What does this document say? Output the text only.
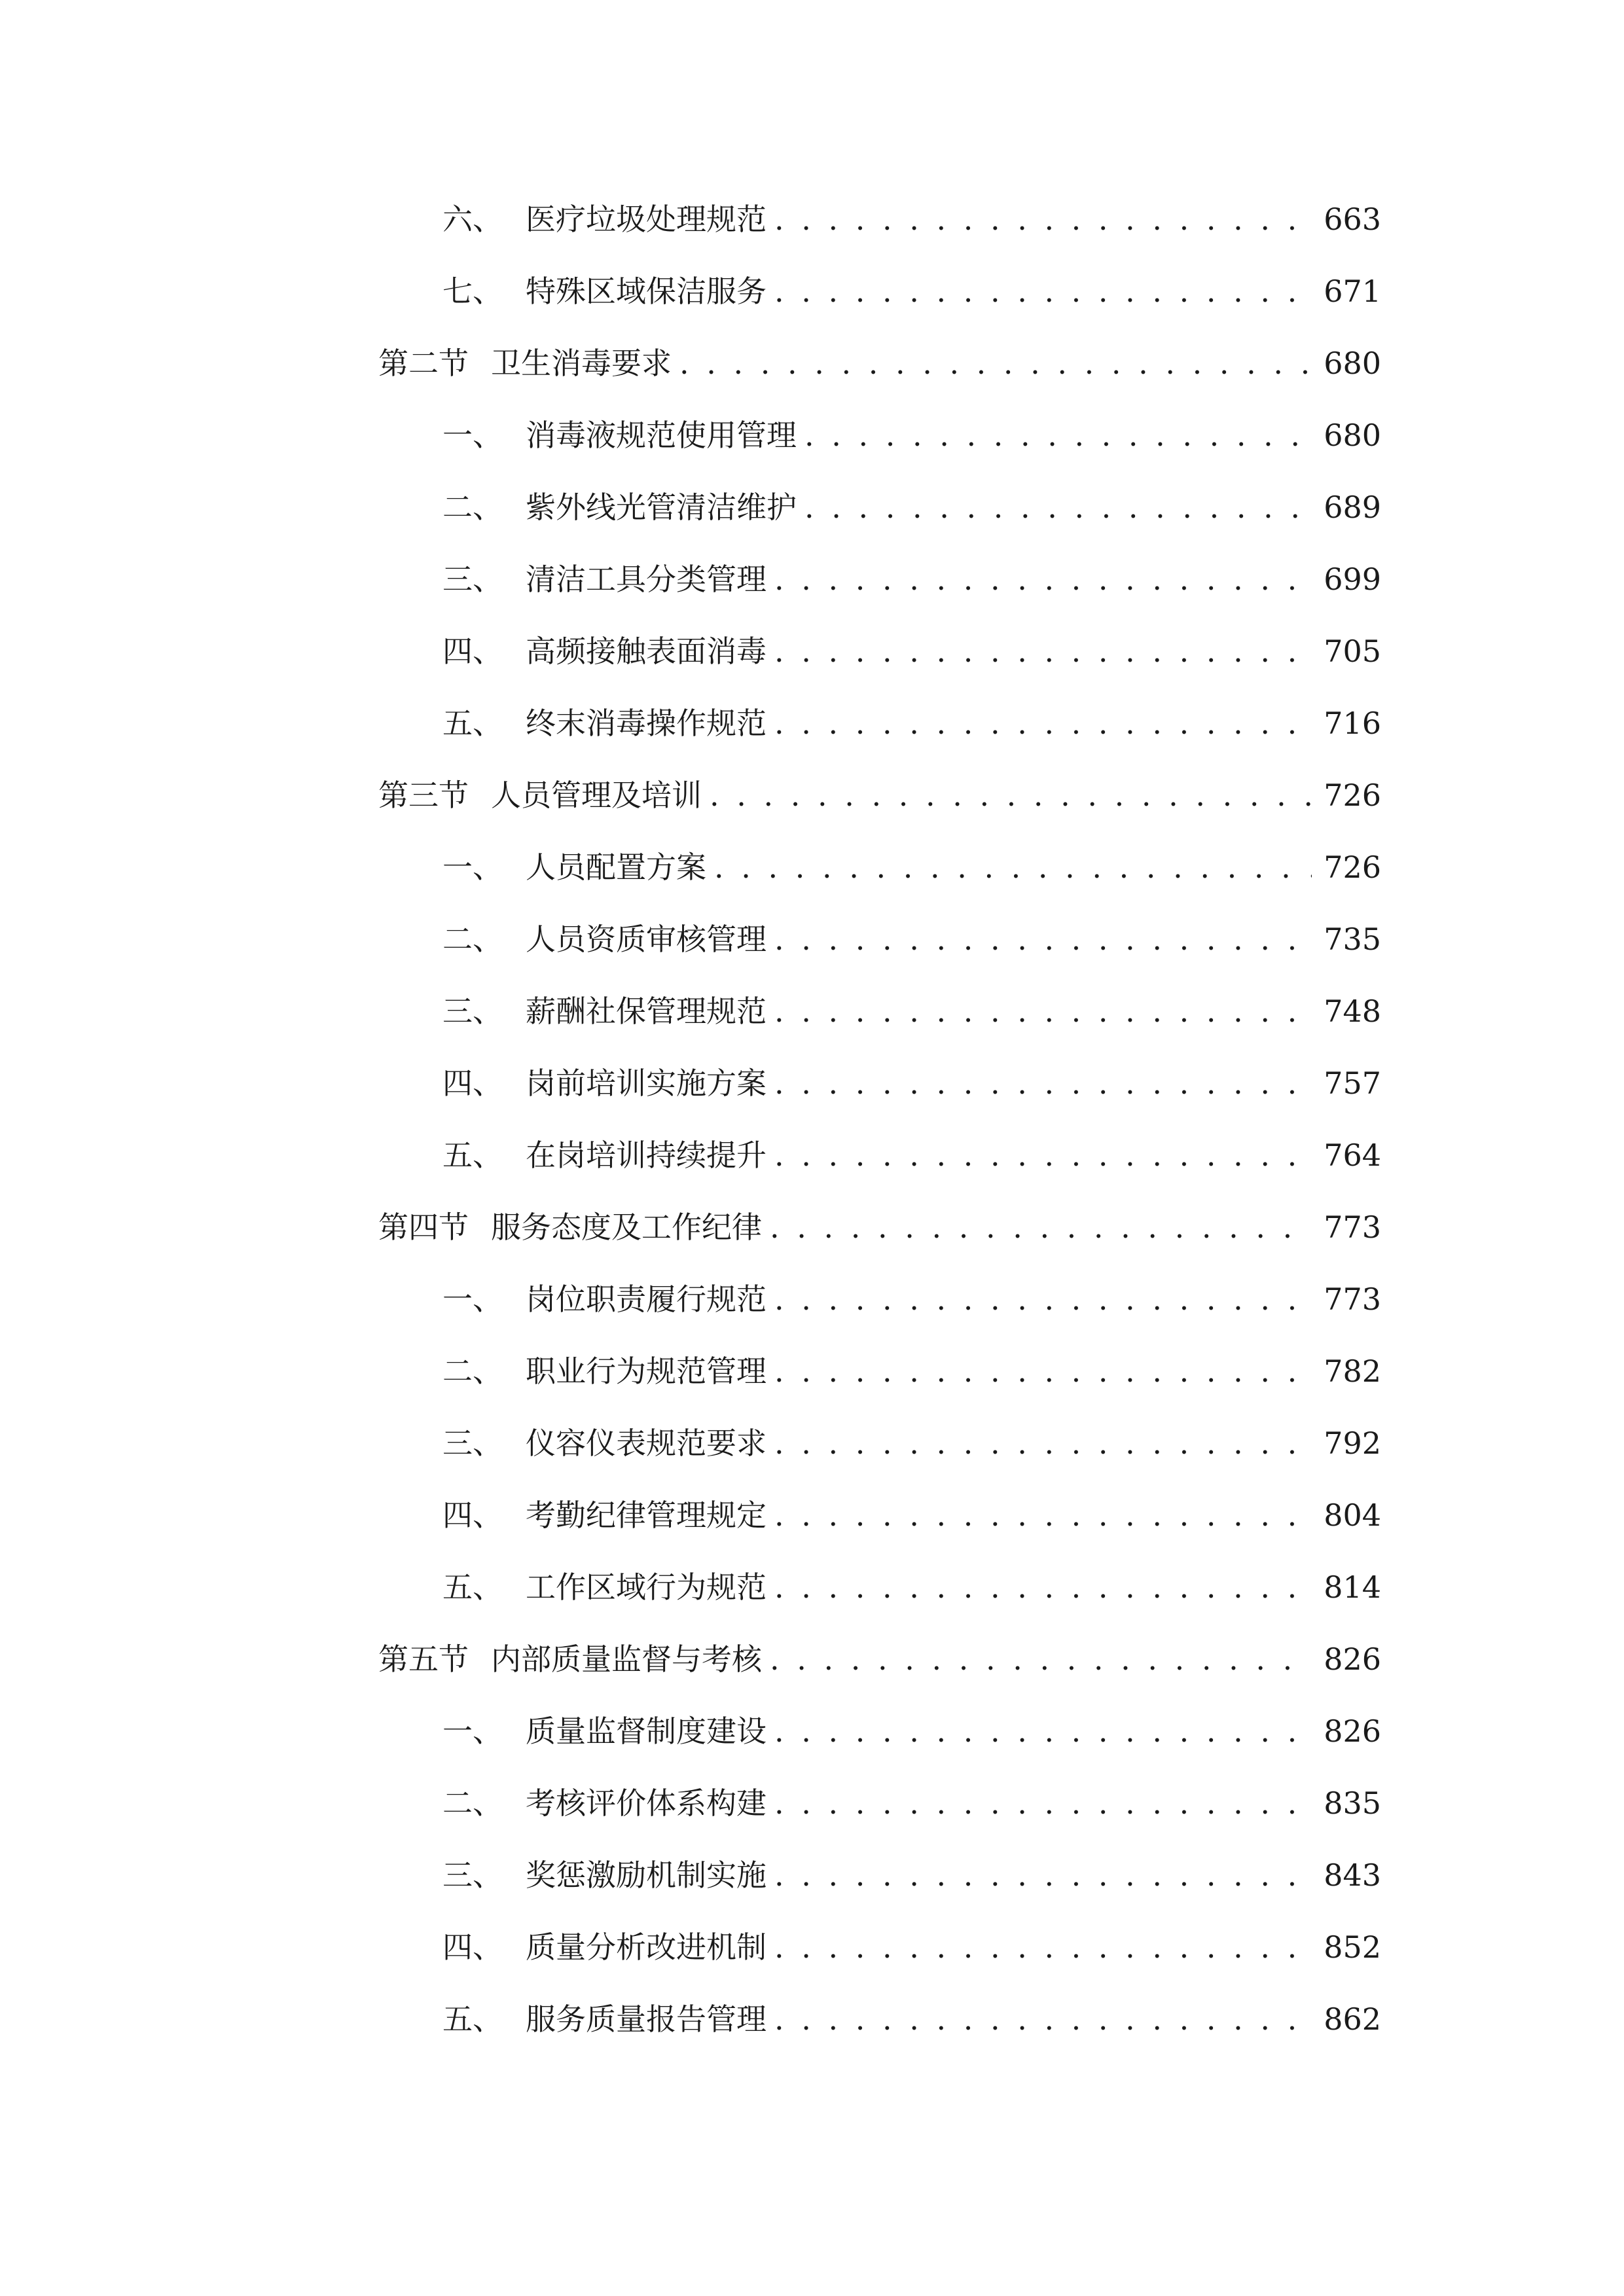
六、 医疗垃圾处理规范 . . .	663
七、 特殊区域保洁服务 . . .	671
第二节 卫生消毒要求 . . .	680
一、 消毒液规范使用管理 . . .	680
二、 紫外线光管清洁维护 . . .	689
三、 清洁工具分类管理 . . .	699
四、 高频接触表面消毒 . . .	705
五、 终末消毒操作规范 . . .	716
第三节 人员管理及培训 . . .	726
一、 人员配置方案 . . .	726
二、 人员资质审核管理 . . .	735
三、 薪酬社保管理规范 . . .	748
四、 岗前培训实施方案 . . .	757
五、 在岗培训持续提升 . . .	764
第四节 服务态度及工作纪律 . . .	773
一、 岗位职责履行规范 . . .	773
二、 职业行为规范管理 . . .	782
三、 仪容仪表规范要求 . . .	792
四、 考勤纪律管理规定 . . .	804
五、 工作区域行为规范 . . .	814
第五节 内部质量监督与考核 . . .	826
一、 质量监督制度建设 . . .	826
二、 考核评价体系构建 . . .	835
三、 奖惩激励机制实施 . . .	843
四、 质量分析改进机制 . . .	852
五、 服务质量报告管理 . . .	862
